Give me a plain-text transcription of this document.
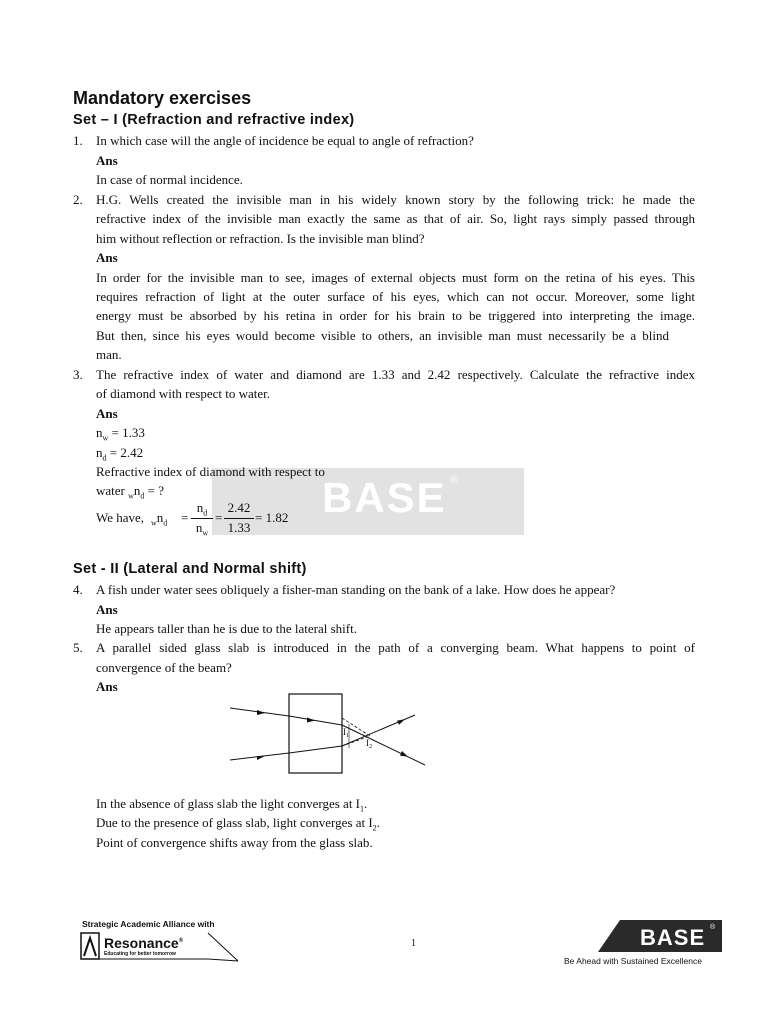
Mandatory exercises
Set – I (Refraction and refractive index)
1. In which case will the angle of incidence be equal to angle of refraction?
Ans
In case of normal incidence.
2. H.G. Wells created the invisible man in his widely known story by the following trick: he made the
refractive index of the invisible man exactly the same as that of air. So, light rays simply passed through
him without reflection or refraction. Is the invisible man blind?
Ans
In order for the invisible man to see, images of external objects must form on the retina of his eyes. This
requires refraction of light at the outer surface of his eyes, which can not occur. Moreover, some light
energy must be absorbed by his retina in order for his brain to be triggered into interpreting the image.
But then, since his eyes would become visible to others, an invisible man must necessarily be a blind
man.
3. The refractive index of water and diamond are 1.33 and 2.42 respectively. Calculate the refractive index
of diamond with respect to water.
Ans
BASE ®
$n_w = 1.33$
$n_d = 2.42$
Refractive index of diamond with respect to
water $_wn_d$ = ?
We have, $_wn_d$ =
$n_d$
$n_w$
=
2.42
1.33
= 1.82
Set - II (Lateral and Normal shift)
4. A fish under water sees obliquely a fisher-man standing on the bank of a lake. How does he appear?
Ans
He appears taller than he is due to the lateral shift.
5. A parallel sided glass slab is introduced in the path of a converging beam. What happens to point of
convergence of the beam?
Ans
$I_1$
$I_2$
In the absence of glass slab the light converges at $I_1$.
Due to the presence of glass slab, light converges at $I_2$.
Point of convergence shifts away from the glass slab.
Strategic Academic Alliance with
Resonance®
Educating for better tomorrow
1	BASE ®
Be Ahead with Sustained Excellence
